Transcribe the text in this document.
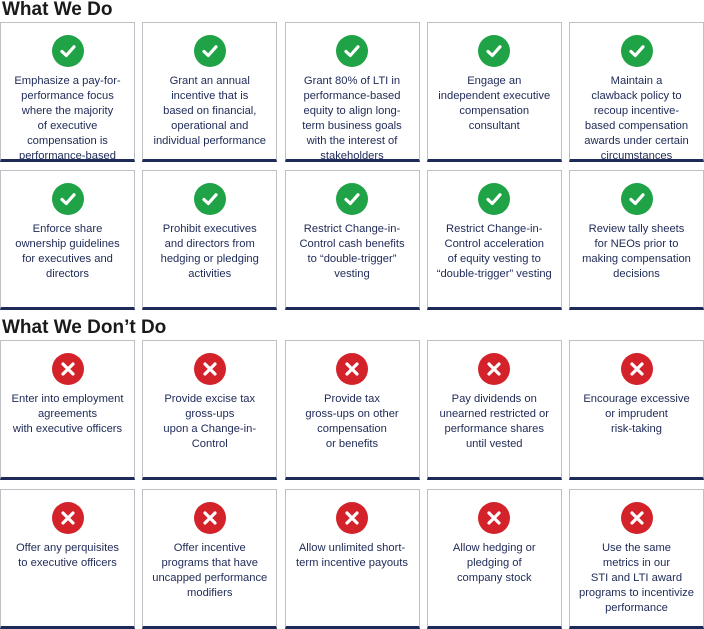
What We Do
Emphasize a pay-for-
performance focus
where the majority
of executive
compensation is
performance-based
Grant an annual
incentive that is
based on financial,
operational and
individual performance
Grant 80% of LTI in
performance-based
equity to align long-
term business goals
with the interest of
stakeholders
Engage an
independent executive
compensation
consultant
Maintain a
clawback policy to
recoup incentive-
based compensation
awards under certain
circumstances
Enforce share
ownership guidelines
for executives and
directors
Prohibit executives
and directors from
hedging or pledging
activities
Restrict Change-in-
Control cash benefits
to “double-trigger”
vesting
Restrict Change-in-
Control acceleration
of equity vesting to
“double-trigger” vesting
Review tally sheets
for NEOs prior to
making compensation
decisions
What We Don’t Do
Enter into employment
agreements
with executive officers
Provide excise tax
gross-ups
upon a Change-in-
Control
Provide tax
gross-ups on other
compensation
or benefits
Pay dividends on
unearned restricted or
performance shares
until vested
Encourage excessive
or imprudent
risk-taking
Offer any perquisites
to executive officers
Offer incentive
programs that have
uncapped performance
modifiers
Allow unlimited short-
term incentive payouts
Allow hedging or
pledging of
company stock
Use the same
metrics in our
STI and LTI award
programs to incentivize
performance
